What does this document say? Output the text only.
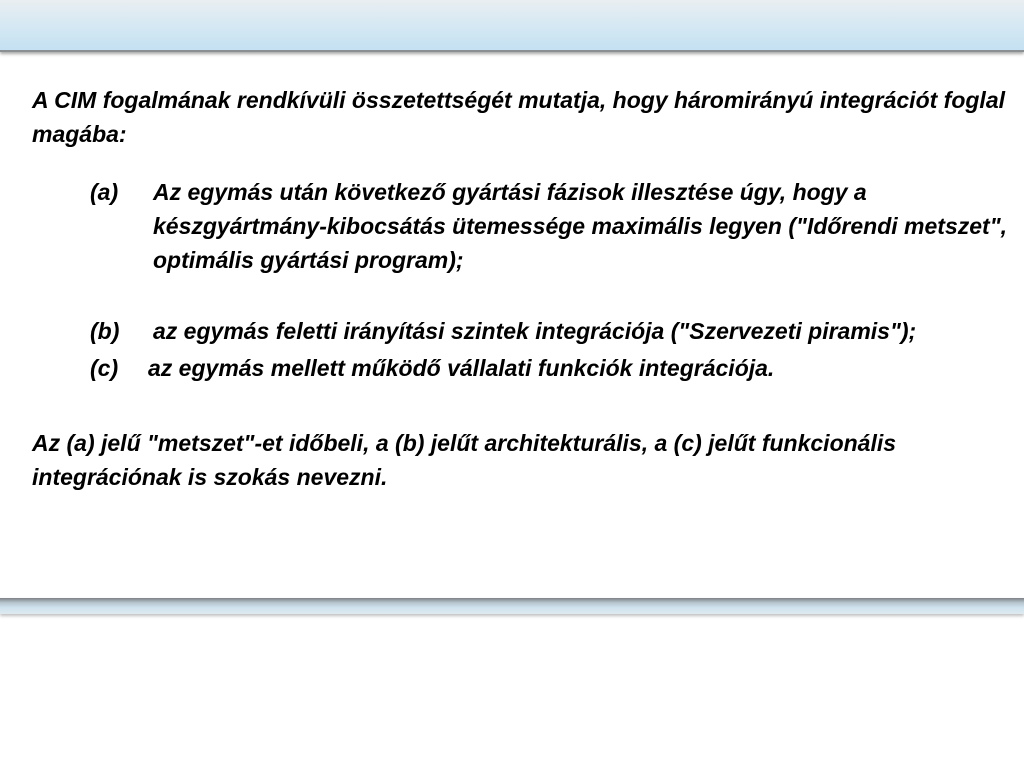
A CIM fogalmának rendkívüli összetettségét mutatja, hogy háromirányú integrációt foglal magába:

(a) Az egymás után következő gyártási fázisok illesztése úgy, hogy a készgyártmány-kibocsátás ütemessége maximális legyen ("Időrendi metszet", optimális gyártási program);
(b) az egymás feletti irányítási szintek integrációja ("Szervezeti piramis");
(c) az egymás mellett működő vállalati funkciók integrációja.

Az (a) jelű "metszet"-et időbeli, a (b) jelűt architekturális, a (c) jelűt funkcionális integrációnak is szokás nevezni.
